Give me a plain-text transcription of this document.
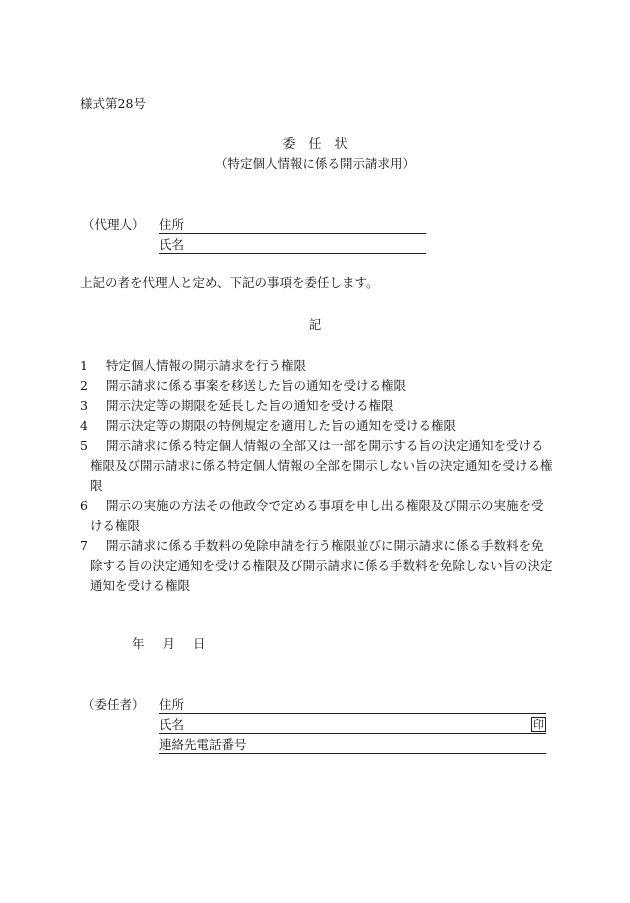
様式第28号
委　任　状
（特定個人情報に係る開示請求用）
（代理人） 住所
氏名
上記の者を代理人と定め、下記の事項を委任します。
記
1	特定個人情報の開示請求を行う権限
2	開示請求に係る事案を移送した旨の通知を受ける権限
3	開示決定等の期限を延長した旨の通知を受ける権限
4	開示決定等の期限の特例規定を適用した旨の通知を受ける権限
5	開示請求に係る特定個人情報の全部又は一部を開示する旨の決定通知を受ける権限及び開示請求に係る特定個人情報の全部を開示しない旨の決定通知を受ける権限
6	開示の実施の方法その他政令で定める事項を申し出る権限及び開示の実施を受ける権限
7	開示請求に係る手数料の免除申請を行う権限並びに開示請求に係る手数料を免除する旨の決定通知を受ける権限及び開示請求に係る手数料を免除しない旨の決定通知を受ける権限
年 月 日
（委任者） 住所
氏名	印
連絡先電話番号
